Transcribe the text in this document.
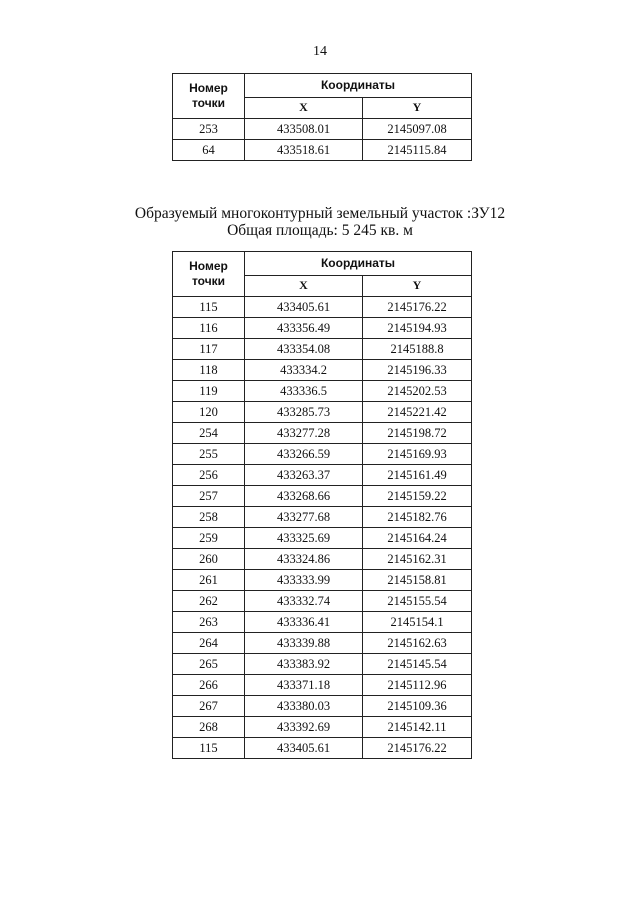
14
Номер точки	Координаты	
	X	Y
253	433508.01	2145097.08
64	433518.61	2145115.84
Образуемый многоконтурный земельный участок :ЗУ12
Общая площадь: 5 245 кв. м
Номер точки	Координаты	
	X	Y
115	433405.61	2145176.22
116	433356.49	2145194.93
117	433354.08	2145188.8
118	433334.2	2145196.33
119	433336.5	2145202.53
120	433285.73	2145221.42
254	433277.28	2145198.72
255	433266.59	2145169.93
256	433263.37	2145161.49
257	433268.66	2145159.22
258	433277.68	2145182.76
259	433325.69	2145164.24
260	433324.86	2145162.31
261	433333.99	2145158.81
262	433332.74	2145155.54
263	433336.41	2145154.1
264	433339.88	2145162.63
265	433383.92	2145145.54
266	433371.18	2145112.96
267	433380.03	2145109.36
268	433392.69	2145142.11
115	433405.61	2145176.22
